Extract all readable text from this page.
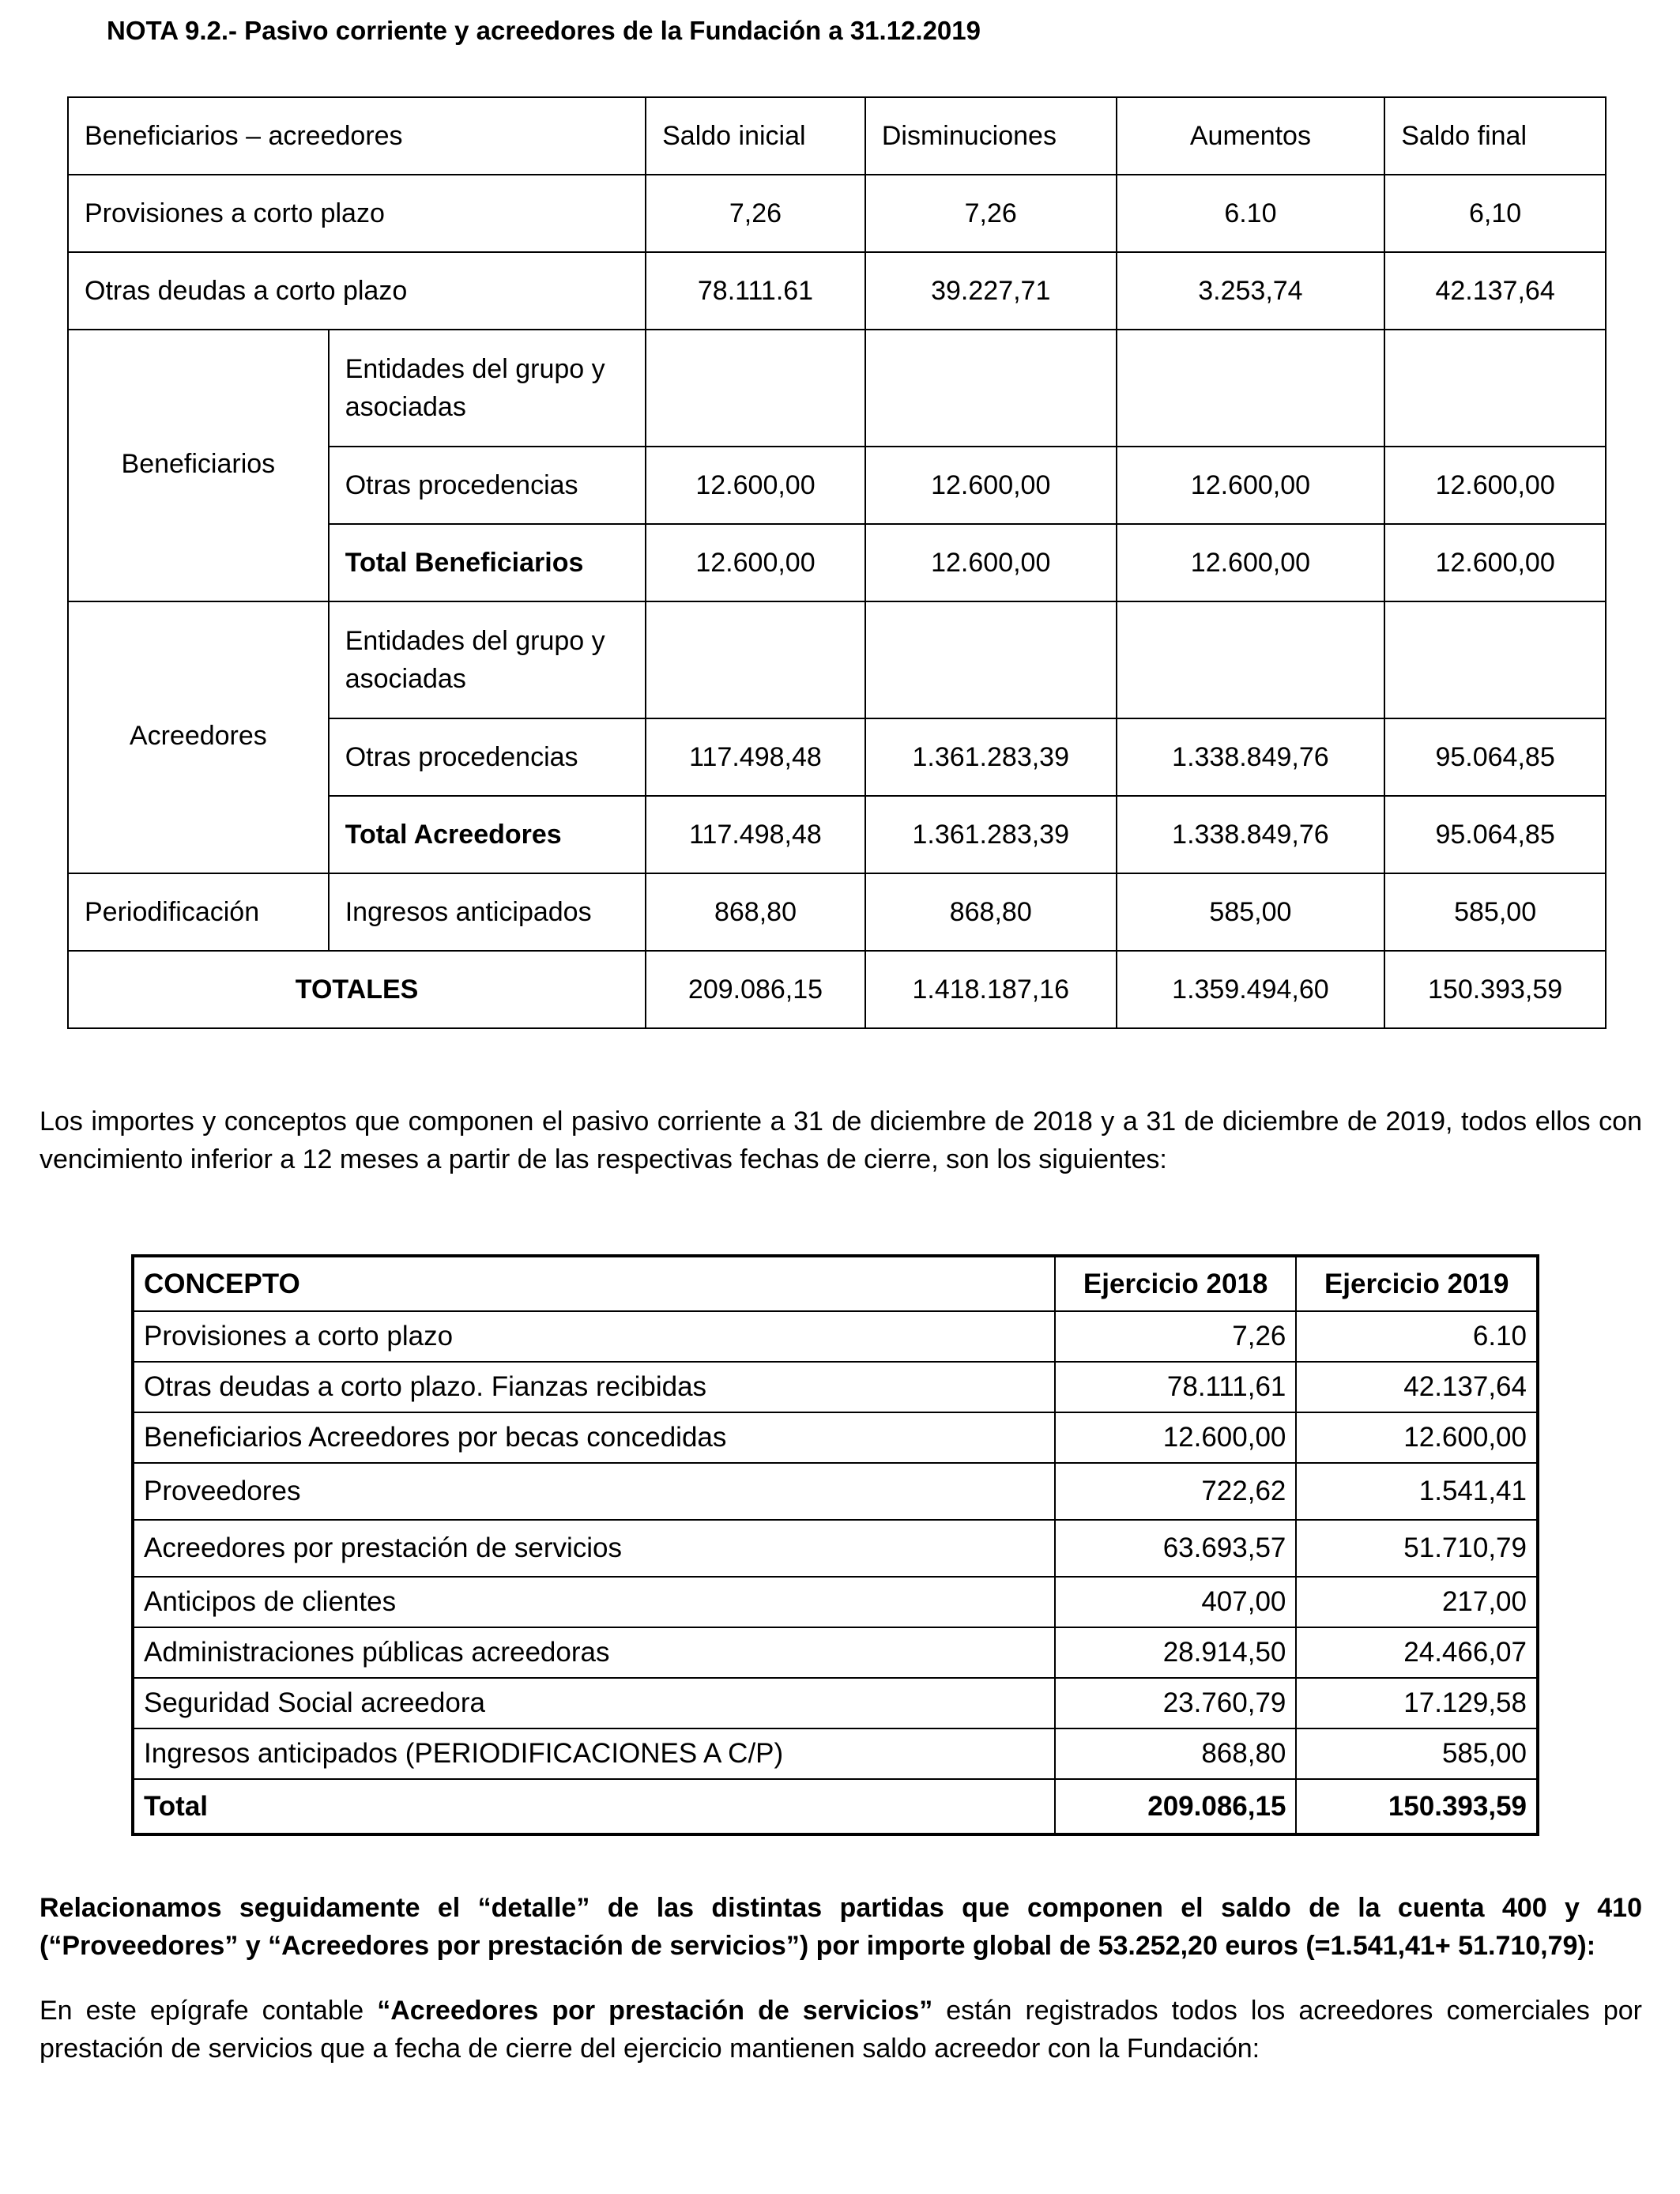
NOTA 9.2.- Pasivo corriente y acreedores de la Fundación a 31.12.2019
Beneficiarios – acreedores		Saldo inicial	Disminuciones	Aumentos	Saldo final
Provisiones a corto plazo		7,26	7,26	6.10	6,10
Otras deudas a corto plazo		78.111.61	39.227,71	3.253,74	42.137,64
Beneficiarios	Entidades del grupo y asociadas				
	Otras procedencias	12.600,00	12.600,00	12.600,00	12.600,00
	Total Beneficiarios	12.600,00	12.600,00	12.600,00	12.600,00
Acreedores	Entidades del grupo y asociadas				
	Otras procedencias	117.498,48	1.361.283,39	1.338.849,76	95.064,85
	Total Acreedores	117.498,48	1.361.283,39	1.338.849,76	95.064,85
Periodificación	Ingresos anticipados	868,80	868,80	585,00	585,00
TOTALES		209.086,15	1.418.187,16	1.359.494,60	150.393,59

Los importes y conceptos que componen el pasivo corriente a 31 de diciembre de 2018 y a 31 de diciembre de 2019, todos ellos con vencimiento inferior a 12 meses a partir de las respectivas fechas de cierre, son los siguientes:

CONCEPTO	Ejercicio 2018	Ejercicio 2019
Provisiones a corto plazo	7,26	6.10
Otras deudas a corto plazo. Fianzas recibidas	78.111,61	42.137,64
Beneficiarios Acreedores por becas concedidas	12.600,00	12.600,00
Proveedores	722,62	1.541,41
Acreedores por prestación de servicios	63.693,57	51.710,79
Anticipos de clientes	407,00	217,00
Administraciones públicas acreedoras	28.914,50	24.466,07
Seguridad Social acreedora	23.760,79	17.129,58
Ingresos anticipados (PERIODIFICACIONES A C/P)	868,80	585,00
Total	209.086,15	150.393,59

Relacionamos seguidamente el “detalle” de las distintas partidas que componen el saldo de la cuenta 400 y 410 (“Proveedores” y “Acreedores por prestación de servicios”) por importe global de 53.252,20 euros (=1.541,41+ 51.710,79):

En este epígrafe contable “Acreedores por prestación de servicios” están registrados todos los acreedores comerciales por prestación de servicios que a fecha de cierre del ejercicio mantienen saldo acreedor con la Fundación:
